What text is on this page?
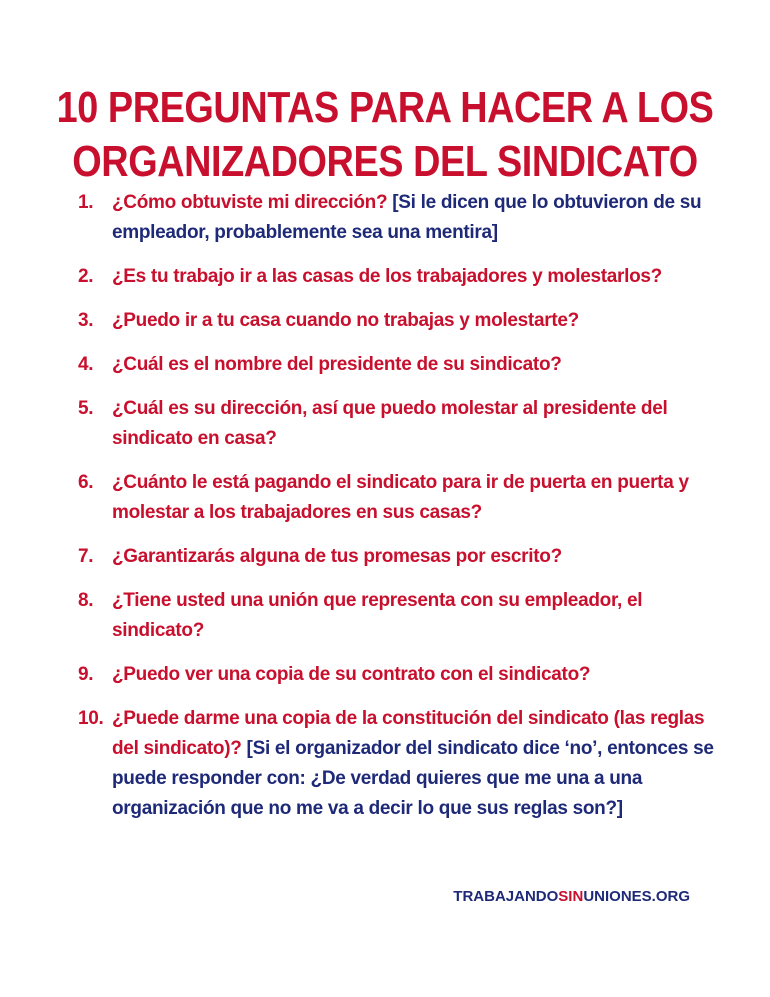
10 PREGUNTAS PARA HACER A LOS
ORGANIZADORES DEL SINDICATO
1. ¿Cómo obtuviste mi dirección? [Si le dicen que lo obtuvieron de su empleador, probablemente sea una mentira]
2. ¿Es tu trabajo ir a las casas de los trabajadores y molestarlos?
3. ¿Puedo ir a tu casa cuando no trabajas y molestarte?
4. ¿Cuál es el nombre del presidente de su sindicato?
5. ¿Cuál es su dirección, así que puedo molestar al presidente del sindicato en casa?
6. ¿Cuánto le está pagando el sindicato para ir de puerta en puerta y molestar a los trabajadores en sus casas?
7. ¿Garantizarás alguna de tus promesas por escrito?
8. ¿Tiene usted una unión que representa con su empleador, el sindicato?
9. ¿Puedo ver una copia de su contrato con el sindicato?
10. ¿Puede darme una copia de la constitución del sindicato (las reglas del sindicato)? [Si el organizador del sindicato dice ‘no’, entonces se puede responder con: ¿De verdad quieres que me una a una organización que no me va a decir lo que sus reglas son?]
TRABAJANDOSINUNIONES.ORG
